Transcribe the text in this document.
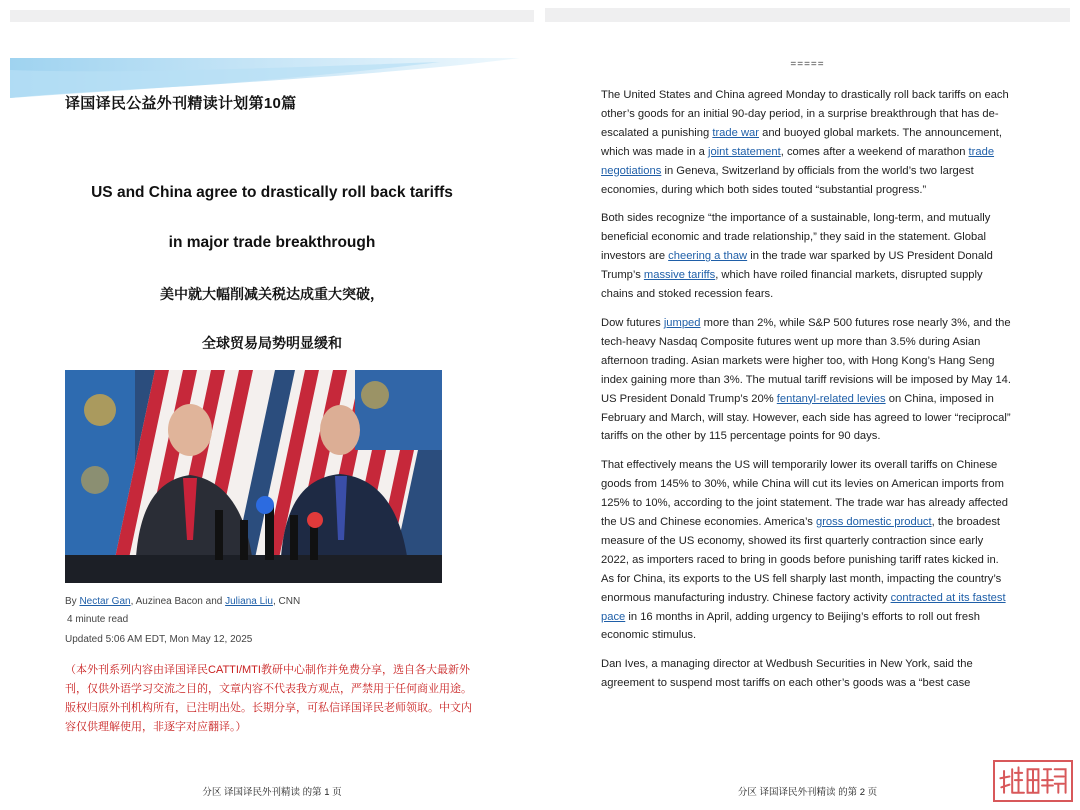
译国译民公益外刊精读计划第10篇
US and China agree to drastically roll back tariffs
in major trade breakthrough
美中就大幅削减关税达成重大突破，
全球贸易局势明显缓和
By Nectar Gan, Auzinea Bacon and Juliana Liu, CNN
4 minute read
Updated 5:06 AM EDT, Mon May 12, 2025
（本外刊系列内容由译国译民CATTI/MTI教研中心制作并免费分享，选自各大最新外刊，仅供外语学习交流之目的，文章内容不代表我方观点，严禁用于任何商业用途。版权归原外刊机构所有，已注明出处。长期分享，可私信译国译民老师领取。中文内容仅供理解使用，非逐字对应翻译。）
分区 译国译民外刊精读 的第 1 页
=====

The United States and China agreed Monday to drastically roll back tariffs on each other’s goods for an initial 90-day period, in a surprise breakthrough that has de-escalated a punishing trade war and buoyed global markets. The announcement, which was made in a joint statement, comes after a weekend of marathon trade negotiations in Geneva, Switzerland by officials from the world’s two largest economies, during which both sides touted “substantial progress.”

Both sides recognize “the importance of a sustainable, long-term, and mutually beneficial economic and trade relationship,” they said in the statement. Global investors are cheering a thaw in the trade war sparked by US President Donald Trump’s massive tariffs, which have roiled financial markets, disrupted supply chains and stoked recession fears.

Dow futures jumped more than 2%, while S&P 500 futures rose nearly 3%, and the tech-heavy Nasdaq Composite futures went up more than 3.5% during Asian afternoon trading. Asian markets were higher too, with Hong Kong’s Hang Seng index gaining more than 3%. The mutual tariff revisions will be imposed by May 14. US President Donald Trump’s 20% fentanyl-related levies on China, imposed in February and March, will stay. However, each side has agreed to lower “reciprocal” tariffs on the other by 115 percentage points for 90 days.

That effectively means the US will temporarily lower its overall tariffs on Chinese goods from 145% to 30%, while China will cut its levies on American imports from 125% to 10%, according to the joint statement. The trade war has already affected the US and Chinese economies. America’s gross domestic product, the broadest measure of the US economy, showed its first quarterly contraction since early 2022, as importers raced to bring in goods before punishing tariff rates kicked in. As for China, its exports to the US fell sharply last month, impacting the country’s enormous manufacturing industry. Chinese factory activity contracted at its fastest pace in 16 months in April, adding urgency to Beijing’s efforts to roll out fresh economic stimulus.

Dan Ives, a managing director at Wedbush Securities in New York, said the agreement to suspend most tariffs on each other’s goods was a “best case

分区 译国译民外刊精读 的第 2 页
